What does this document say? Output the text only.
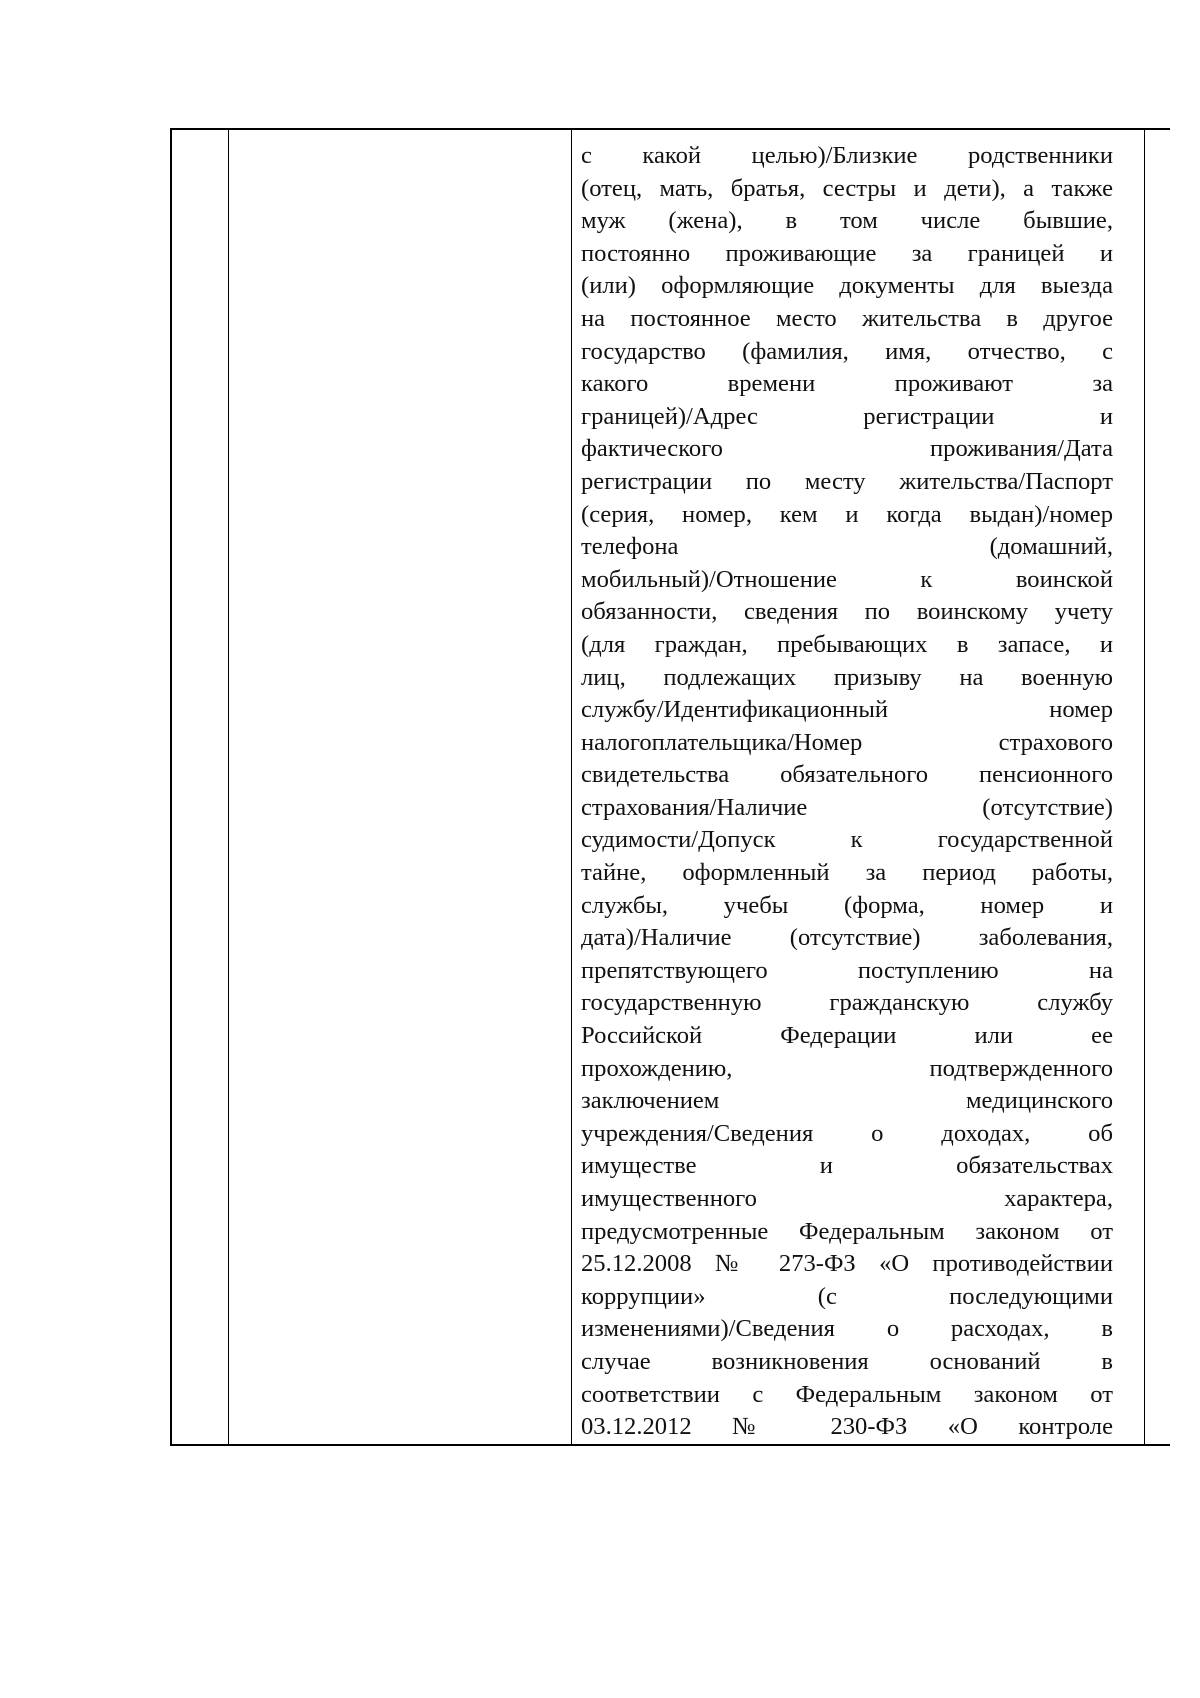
с какой целью)/Близкие родственники
(отец, мать, братья, сестры и дети), а также
муж (жена), в том числе бывшие,
постоянно проживающие за границей и
(или) оформляющие документы для выезда
на постоянное место жительства в другое
государство (фамилия, имя, отчество, с
какого времени проживают за
границей)/Адрес регистрации и
фактического проживания/Дата
регистрации по месту жительства/Паспорт
(серия, номер, кем и когда выдан)/номер
телефона (домашний,
мобильный)/Отношение к воинской
обязанности, сведения по воинскому учету
(для граждан, пребывающих в запасе, и
лиц, подлежащих призыву на военную
службу/Идентификационный номер
налогоплательщика/Номер страхового
свидетельства обязательного пенсионного
страхования/Наличие (отсутствие)
судимости/Допуск к государственной
тайне, оформленный за период работы,
службы, учебы (форма, номер и
дата)/Наличие (отсутствие) заболевания,
препятствующего поступлению на
государственную гражданскую службу
Российской Федерации или ее
прохождению, подтвержденного
заключением медицинского
учреждения/Сведения о доходах, об
имуществе и обязательствах
имущественного характера,
предусмотренные Федеральным законом от
25.12.2008 № 273-ФЗ «О противодействии
коррупции» (с последующими
изменениями)/Сведения о расходах, в
случае возникновения оснований в
соответствии с Федеральным законом от
03.12.2012 № 230-ФЗ «О контроле
